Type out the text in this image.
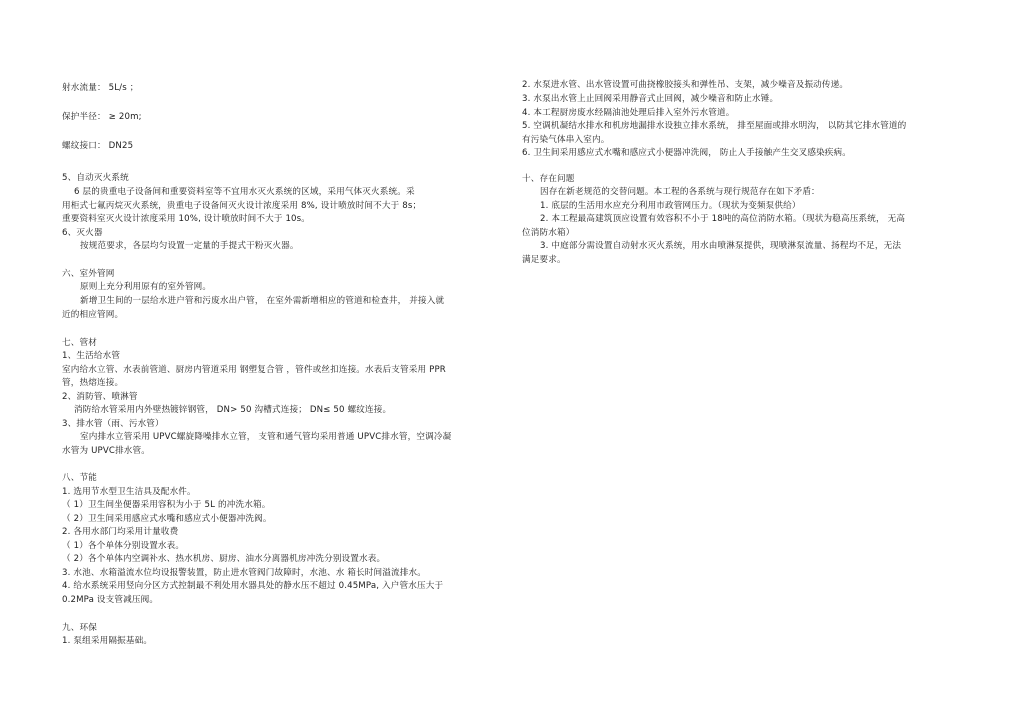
射水流量： 5L/s ；
保护半径： ≥ 20m;
螺纹接口： DN25
5、自动灭火系统
6 层的贵重电子设备间和重要资料室等不宜用水灭火系统的区域，采用气体灭火系统。采
用柜式七氟丙烷灭火系统，贵重电子设备间灭火设计浓度采用 8%, 设计喷放时间不大于 8s；
重要资料室灭火设计浓度采用 10%, 设计喷放时间不大于 10s。
6、灭火器
按规范要求，各层均匀设置一定量的手提式干粉灭火器。
六、室外管网
原则上充分利用原有的室外管网。
新增卫生间的一层给水进户管和污废水出户管， 在室外需新增相应的管道和检查井， 并接入就
近的相应管网。
七、管材
1、生活给水管
室内给水立管、水表前管道、厨房内管道采用 钢塑复合管 ，管件或丝扣连接。水表后支管采用 PPR
管，热熔连接。
2、消防管、喷淋管
消防给水管采用内外壁热镀锌钢管， DN> 50 沟槽式连接； DN≤ 50 螺纹连接。
3、排水管（雨、污水管）
室内排水立管采用 UPVC螺旋降噪排水立管， 支管和通气管均采用普通 UPVC排水管，空调冷凝
水管为 UPVC排水管。
八、节能
1. 选用节水型卫生洁具及配水件。
（ 1）卫生间坐便器采用容积为小于 5L 的冲洗水箱。
（ 2）卫生间采用感应式水嘴和感应式小便器冲洗阀。
2. 各用水部门均采用计量收费
（ 1）各个单体分别设置水表。
（ 2）各个单体内空调补水、热水机房、厨房、油水分离器机房冲洗分别设置水表。
3. 水池、水箱溢流水位均设报警装置，防止进水管阀门故障时，水池、水 箱长时间溢流排水。
4. 给水系统采用竖向分区方式控制最不利处用水器具处的静水压不超过 0.45MPa, 入户管水压大于
0.2MPa 设支管减压阀。
九、环保
1. 泵组采用隔振基础。
2. 水泵进水管、出水管设置可曲挠橡胶接头和弹性吊、支架，减少噪音及振动传递。
3. 水泵出水管上止回阀采用静音式止回阀，减少噪音和防止水锤。
4. 本工程厨房废水经隔油池处理后排入室外污水管道。
5. 空调机凝结水排水和机房地漏排水设独立排水系统， 排至屋面或排水明沟， 以防其它排水管道的
有污染气体串入室内。
6. 卫生间采用感应式水嘴和感应式小便器冲洗阀， 防止人手接触产生交叉感染疾病。
十、存在问题
因存在新老规范的交替问题。本工程的各系统与现行规范存在如下矛盾：
1. 底层的生活用水应充分利用市政管网压力。（现状为变频泵供给）
2. 本工程最高建筑顶应设置有效容积不小于 18吨的高位消防水箱。（现状为稳高压系统， 无高
位消防水箱）
3. 中庭部分需设置自动射水灭火系统，用水由喷淋泵提供，现喷淋泵流量、扬程均不足，无法
满足要求。
